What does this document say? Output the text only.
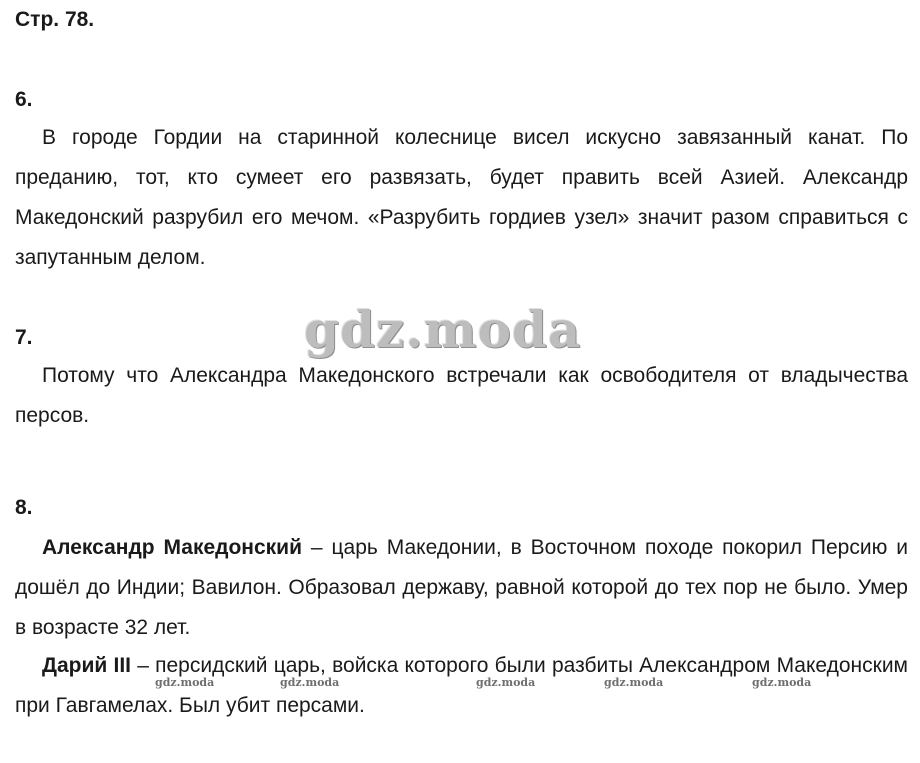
Стр. 78.
6.
В городе Гордии на старинной колеснице висел искусно завязанный канат. По преданию, тот, кто сумеет его развязать, будет править всей Азией. Александр Македонский разрубил его мечом. «Разрубить гордиев узел» значит разом справиться с запутанным делом.
7.
Потому что Александра Македонского встречали как освободителя от владычества персов.
8.
Александр Македонский – царь Македонии, в Восточном походе покорил Персию и дошёл до Индии; Вавилон. Образовал державу, равной которой до тех пор не было. Умер в возрасте 32 лет.
Дарий III – персидский царь, войска которого были разбиты Александром Македонским при Гавгамелах. Был убит персами.
gdz.moda
gdz.moda	gdz.moda	gdz.moda	gdz.moda	gdz.moda
